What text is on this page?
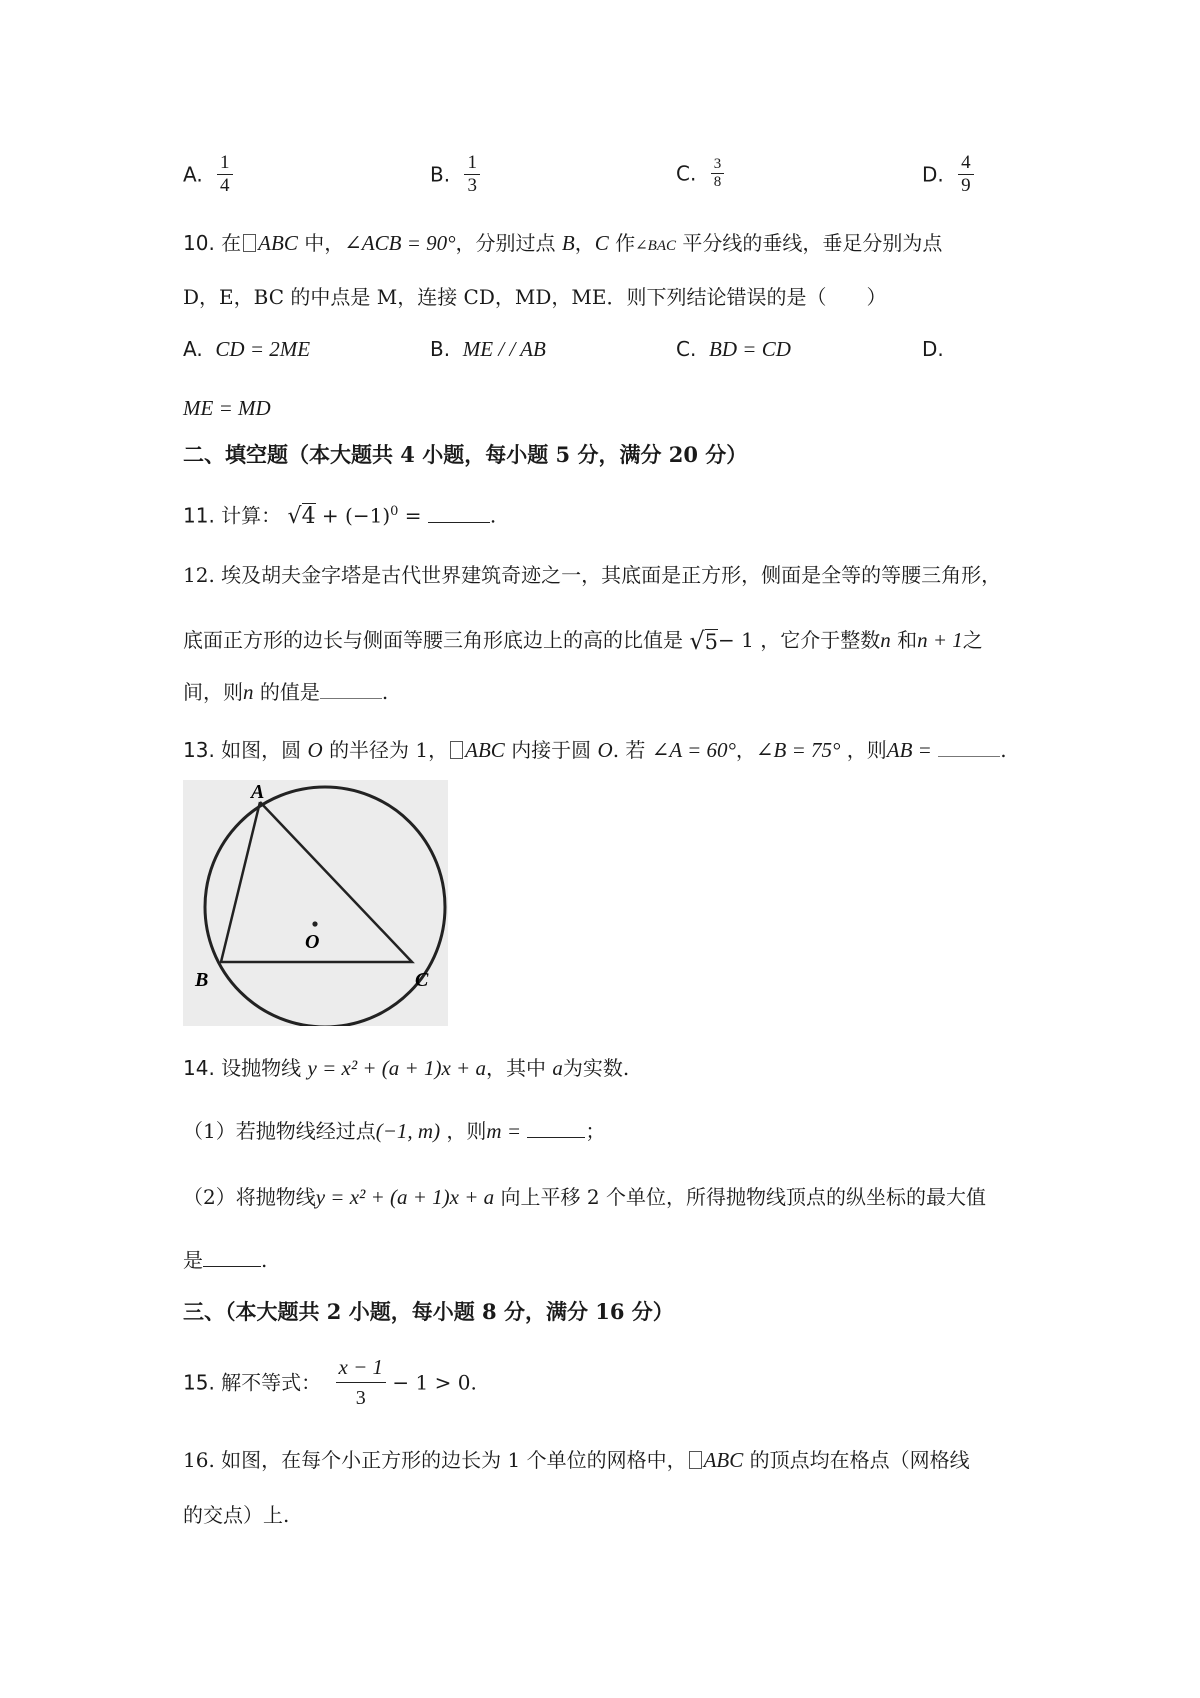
A. $\frac{1}{4}$	B. $\frac{1}{3}$	C. $\frac{3}{8}$	D. $\frac{4}{9}$
10. 在 ABC 中，∠ACB = 90°，分别过点 B，C 作∠BAC 平分线的垂线，垂足分别为点
D，E，BC 的中点是 M，连接 CD，MD，ME．则下列结论错误的是（　　）
A. CD = 2ME	B. ME / / AB	C. BD = CD	D.
ME = MD
二、填空题（本大题共 4 小题，每小题 5 分，满分 20 分）
11. 计算： $√4 + (-1)^0$ =	.
12. 埃及胡夫金字塔是古代世界建筑奇迹之一，其底面是正方形，侧面是全等的等腰三角形，
底面正方形的边长与侧面等腰三角形底边上的高的比值是 √5− 1 ，它介于整数n 和n + 1之
间，则n 的值是	.
13. 如图，圆 O 的半径为 1， ABC 内接于圆 O. 若 ∠A = 60°，∠B = 75° ，则AB =	.
A
B	C
O
14. 设抛物线 y = x² + (a + 1)x + a，其中 a为实数.
（1）若抛物线经过点(−1, m) ，则m =	；
（2）将抛物线y = x² + (a + 1)x + a 向上平移 2 个单位，所得抛物线顶点的纵坐标的最大值
是	.
三、（本大题共 2 小题，每小题 8 分，满分 16 分）
15. 解不等式： $\frac{x - 1}{3} - 1 > 0$.
16. 如图，在每个小正方形的边长为 1 个单位的网格中， ABC 的顶点均在格点（网格线
的交点）上.
